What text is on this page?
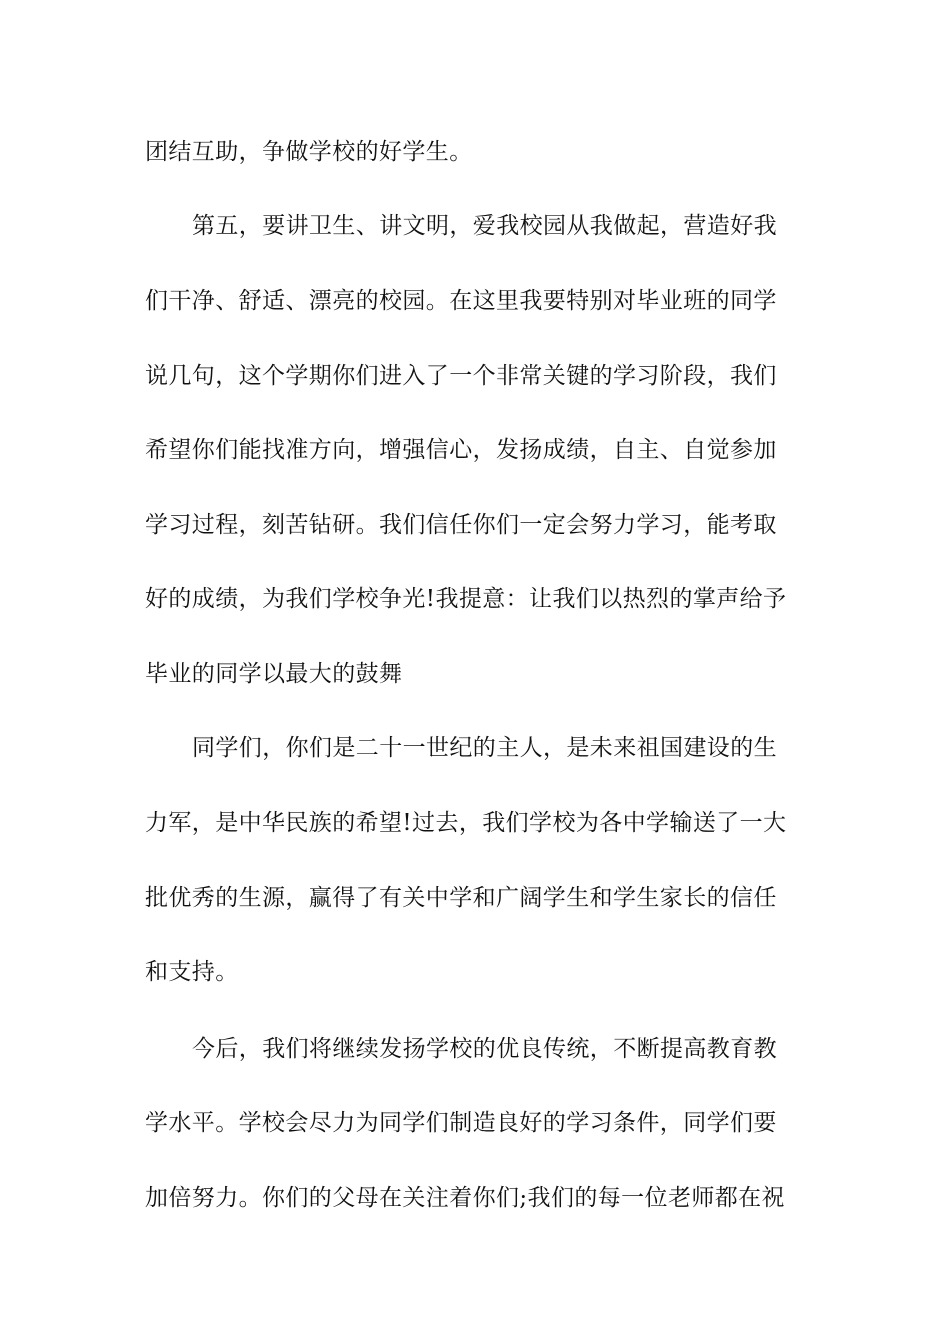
团结互助，争做学校的好学生。
第五，要讲卫生、讲文明，爱我校园从我做起，营造好我
们干净、舒适、漂亮的校园。在这里我要特别对毕业班的同学
说几句，这个学期你们进入了一个非常关键的学习阶段，我们
希望你们能找准方向，增强信心，发扬成绩，自主、自觉参加
学习过程，刻苦钻研。我们信任你们一定会努力学习，能考取
好的成绩，为我们学校争光!我提意：让我们以热烈的掌声给予
毕业的同学以最大的鼓舞
同学们，你们是二十一世纪的主人，是未来祖国建设的生
力军，是中华民族的希望!过去，我们学校为各中学输送了一大
批优秀的生源，赢得了有关中学和广阔学生和学生家长的信任
和支持。
今后，我们将继续发扬学校的优良传统，不断提高教育教
学水平。学校会尽力为同学们制造良好的学习条件，同学们要
加倍努力。你们的父母在关注着你们;我们的每一位老师都在祝
